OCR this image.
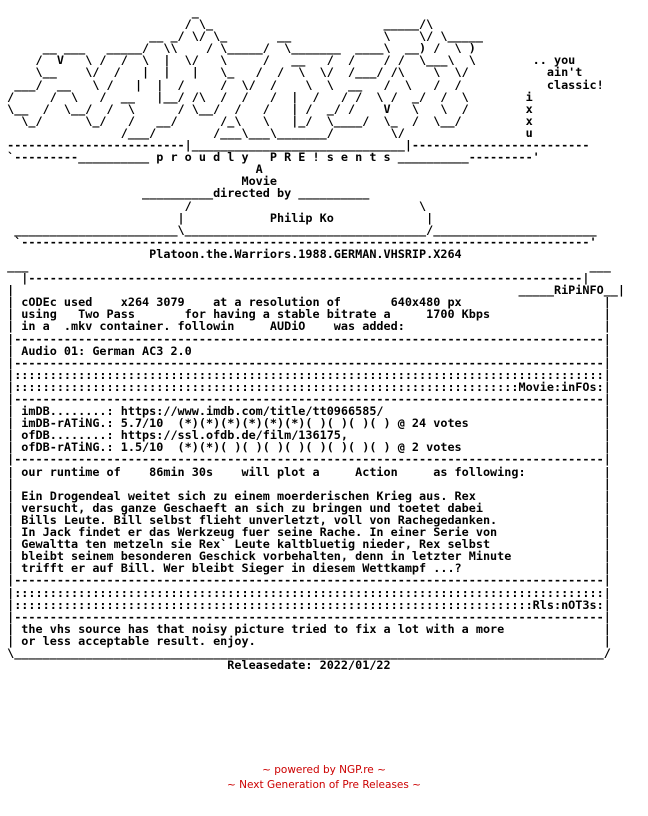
_
/ \_                        _____/\
__ _/ \/ \_       __             \    \/ \_____
__ ___   _____/  \\    / \_____/  \_______  ____\  __) /  \ )
/  V   \ /  /  \  |  \/   \     /   __   /  /    / /  \___\  \        .. you
\__    \/  /   |  |   |   \_   /  /  \  \/  /___/ /\    \  \/           ain't
___/  __   \ /   |  |  /     /  \/  /    \  \  __   /  \   /  /            classic!
/     /  \   /  __   |__/ /\  /  /   /  |  /   / /  \ /  _/  /  \        i
\__  /  \__/  /  \      / \__/  /   /   | /  _/ /    V   \   \  /        x
\_/      \_/   /   __/      /_\   \   |_/  \____/  \_  /  \__/         x
/___/        /___\___\_______/        \/                 u
-------------------------|______________________________|-------------------------
`---------__________ p r o u d l y   P R E ! s e n t s __________---------'
A
Movie
__________directed by __________
/                                \
|            Philip Ko             |
_______________________\__________________________________/_______________________
`--------------------------------------------------------------------------------'
Platoon.the.Warriors.1988.GERMAN.VHSRIP.X264
___                                                                               ___
|------------------------------------------------------------------------------|
|                                                                       _____RiPiNFO__|
| cODEc used    x264 3079    at a resolution of       640x480 px                    |
| using   Two Pass       for having a stable bitrate a     1700 Kbps                |
| in a  .mkv container. followin     AUDiO    was added:                            |
|-----------------------------------------------------------------------------------|
| Audio 01: German AC3 2.0                                                          |
|-----------------------------------------------------------------------------------|
|:::::::::::::::::::::::::::::::::::::::::::::::::::::::::::::::::::::::::::::::::::|
|:::::::::::::::::::::::::::::::::::::::::::::::::::::::::::::::::::::::Movie:inFOs:|
|-----------------------------------------------------------------------------------|
| imDB........: https://www.imdb.com/title/tt0966585/                               |
| imDB-rATiNG.: 5.7/10  (*)(*)(*)(*)(*)(*)( )( )( )( ) @ 24 votes                   |
| ofDB........: https://ssl.ofdb.de/film/136175,                                    |
| ofDB-rATiNG.: 1.5/10  (*)(*)( )( )( )( )( )( )( )( ) @ 2 votes                    |
|-----------------------------------------------------------------------------------|
| our runtime of    86min 30s    will plot a     Action     as following:           |
|                                                                                   |
| Ein Drogendeal weitet sich zu einem moerderischen Krieg aus. Rex                  |
| versucht, das ganze Geschaeft an sich zu bringen und toetet dabei                 |
| Bills Leute. Bill selbst flieht unverletzt, voll von Rachegedanken.               |
| In Jack findet er das Werkzeug fuer seine Rache. In einer Serie von               |
| Gewaltta ten metzeln sie Rex` Leute kaltbluetig nieder, Rex selbst                |
| bleibt seinem besonderen Geschick vorbehalten, denn in letzter Minute             |
| trifft er auf Bill. Wer bleibt Sieger in diesem Wettkampf ...?                    |
|-----------------------------------------------------------------------------------|
|:::::::::::::::::::::::::::::::::::::::::::::::::::::::::::::::::::::::::::::::::::|
|:::::::::::::::::::::::::::::::::::::::::::::::::::::::::::::::::::::::::Rls:nOT3s:|
|-----------------------------------------------------------------------------------|
| the vhs source has that noisy picture tried to fix a lot with a more              |
| or less acceptable result. enjoy.                                                 |
\___________________________________________________________________________________/
Releasedate: 2022/01/22
~ powered by NGP.re ~
~ Next Generation of Pre Releases ~
